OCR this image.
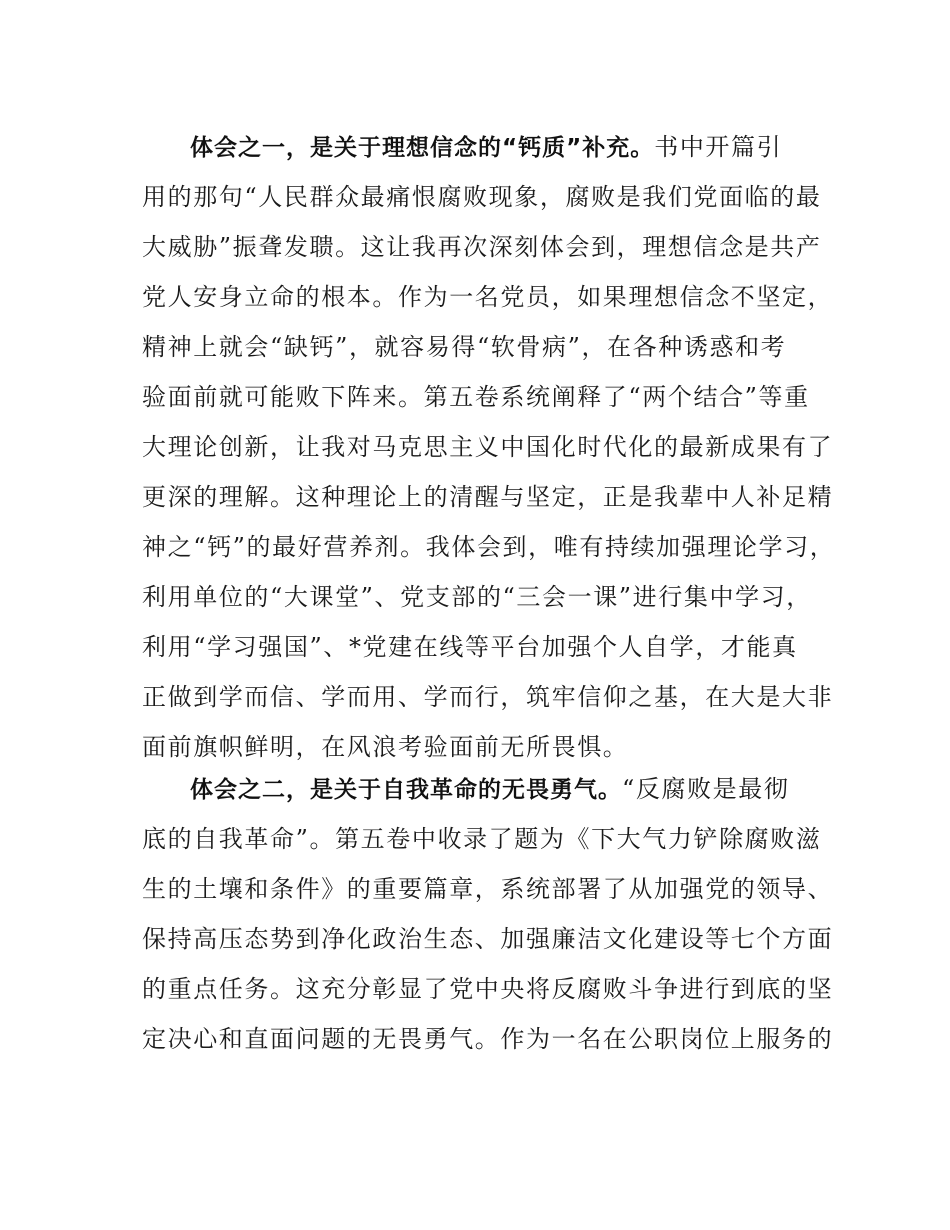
体会之一，是关于理想信念的“钙质”补充。书中开篇引
用的那句“人民群众最痛恨腐败现象，腐败是我们党面临的最
大威胁”振聋发聩。这让我再次深刻体会到，理想信念是共产
党人安身立命的根本。作为一名党员，如果理想信念不坚定，
精神上就会“缺钙”，就容易得“软骨病”，在各种诱惑和考
验面前就可能败下阵来。第五卷系统阐释了“两个结合”等重
大理论创新，让我对马克思主义中国化时代化的最新成果有了
更深的理解。这种理论上的清醒与坚定，正是我辈中人补足精
神之“钙”的最好营养剂。我体会到，唯有持续加强理论学习，
利用单位的“大课堂”、党支部的“三会一课”进行集中学习，
利用“学习强国”、*党建在线等平台加强个人自学，才能真
正做到学而信、学而用、学而行，筑牢信仰之基，在大是大非
面前旗帜鲜明，在风浪考验面前无所畏惧。
体会之二，是关于自我革命的无畏勇气。“反腐败是最彻
底的自我革命”。第五卷中收录了题为《下大气力铲除腐败滋
生的土壤和条件》的重要篇章，系统部署了从加强党的领导、
保持高压态势到净化政治生态、加强廉洁文化建设等七个方面
的重点任务。这充分彰显了党中央将反腐败斗争进行到底的坚
定决心和直面问题的无畏勇气。作为一名在公职岗位上服务的
